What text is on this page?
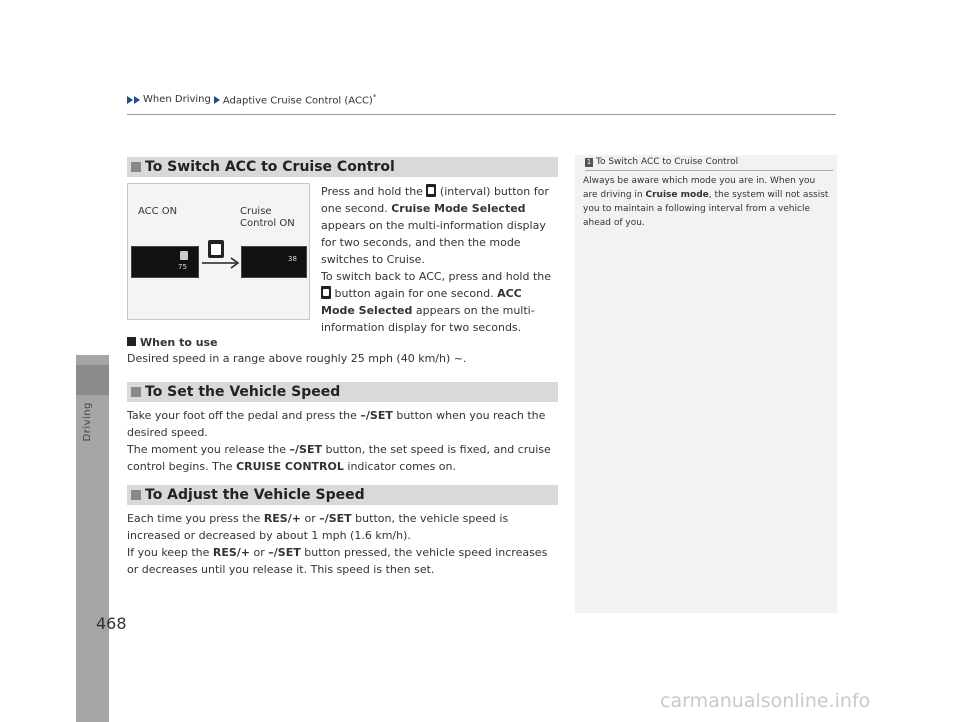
When Driving Adaptive Cruise Control (ACC)*
Driving
To Switch ACC to Cruise Control
ACC ON	Cruise
Control ON
75
38
Press and hold the  (interval) button for one second. Cruise Mode Selected appears on the multi-information display for two seconds, and then the mode switches to Cruise.
To switch back to ACC, press and hold the  button again for one second. ACC Mode Selected appears on the multi-information display for two seconds.
When to use
Desired speed in a range above roughly 25 mph (40 km/h) ~.
To Set the Vehicle Speed
Take your foot off the pedal and press the –/SET button when you reach the desired speed.
The moment you release the –/SET button, the set speed is fixed, and cruise control begins. The CRUISE CONTROL indicator comes on.
To Adjust the Vehicle Speed
Each time you press the RES/+ or –/SET button, the vehicle speed is increased or decreased by about 1 mph (1.6 km/h).
If you keep the RES/+ or –/SET button pressed, the vehicle speed increases or decreases until you release it. This speed is then set.
1 To Switch ACC to Cruise Control
Always be aware which mode you are in. When you are driving in Cruise mode, the system will not assist you to maintain a following interval from a vehicle ahead of you.
468
carmanualsonline.info
